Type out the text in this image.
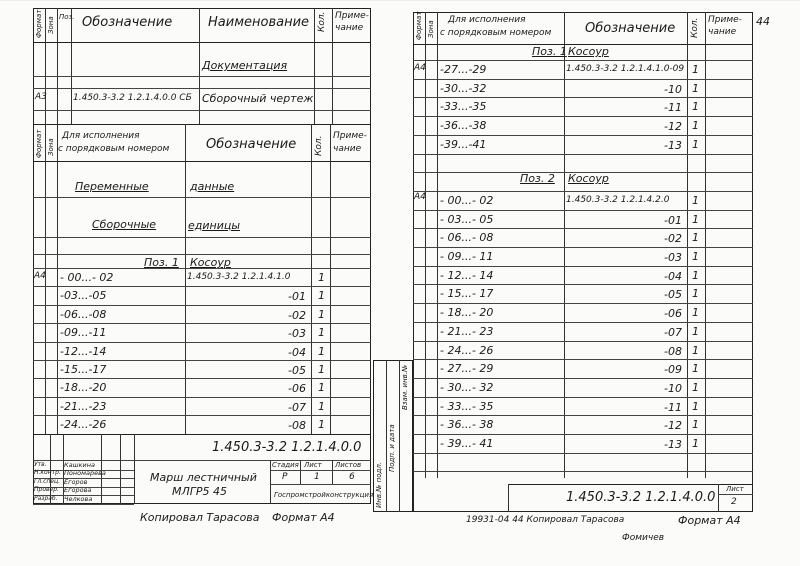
Формат Зона Поз. Обозначение	Наименование Кол. Приме-
чание
Документация
А3	1.450.3-3.2 1.2.1.4.0.0 СБ Сборочный чертеж
Формат Зона
Для исполнения
с порядковым номером	Обозначение Кол. Приме-
чание
Переменные	данные
Сборочные	единицы
Поз. 1 Косоур
А4 - 00...- 02	1.450.3-3.2 1.2.1.4.1.0	1
-03...-05	-01 1
-06...-08	-02 1
-09...-11	-03 1
-12...-14	-04 1
-15...-17	-05 1
-18...-20	-06 1
-21...-23	-07 1
-24...-26	-08 1
1.450.3-3.2 1.2.1.4.0.0
Марш лестничный
МЛГР5 45
Стадия Лист Листов
Р	1	6
Госпромстройконструкция
Утв.	Кашкина
Н.контр. Пономарева
Гл.спец. Егоров
Провер. Егорова
Разраб. Челкова
Копировал Тарасова Формат А4
44
Формат Зона
Для исполнения
с порядковым номером	Обозначение Кол. Приме-
чание
Поз. 1 Косоур
А4 -27...-29	1.450.3-3.2 1.2.1.4.1.0-09 1
-30...-32	-10 1
-33...-35	-11 1
-36...-38	-12 1
-39...-41	-13 1
Поз. 2 Косоур
А4 - 00...- 02	1.450.3-3.2 1.2.1.4.2.0 1
- 03...- 05	-01 1
- 06...- 08	-02 1
- 09...- 11	-03 1
- 12...- 14	-04 1
- 15...- 17	-05 1
- 18...- 20	-06 1
- 21...- 23	-07 1
- 24...- 26	-08 1
- 27...- 29	-09 1
- 30...- 32	-10 1
- 33...- 35	-11 1
- 36...- 38	-12 1
- 39...- 41	-13 1
Инв.№ подл.
Подп. и дата
Взам. инв.№
1.450.3-3.2 1.2.1.4.0.0
Лист
2
19931-04 44 Копировал Тарасова	Формат А4
Фомичев
